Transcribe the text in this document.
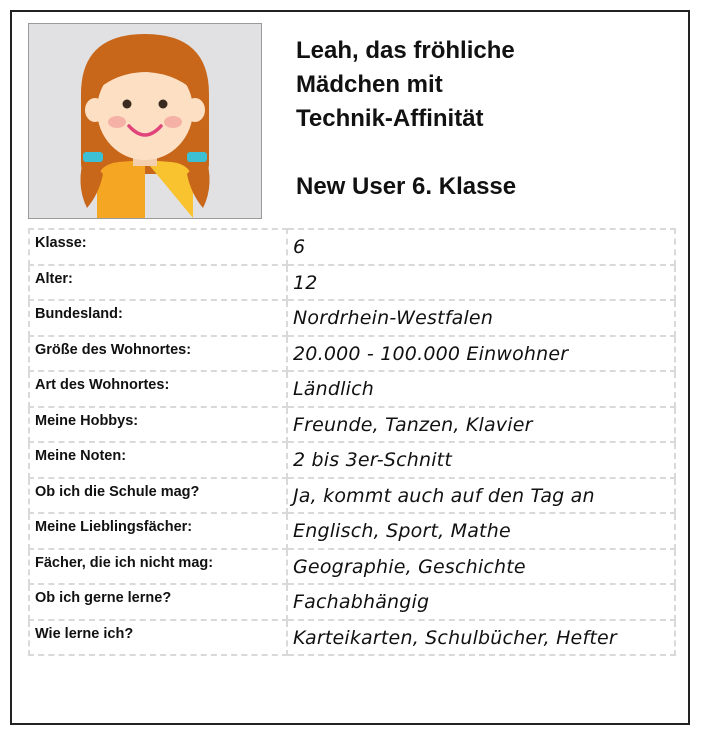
Leah, das fröhliche
Mädchen mit
Technik-Affinität
New User 6. Klasse
Klasse:	6
Alter:	12
Bundesland:	Nordrhein-Westfalen
Größe des Wohnortes:	20.000 - 100.000 Einwohner
Art des Wohnortes:	Ländlich
Meine Hobbys:	Freunde, Tanzen, Klavier
Meine Noten:	2 bis 3er-Schnitt
Ob ich die Schule mag?	Ja, kommt auch auf den Tag an
Meine Lieblingsfächer:	Englisch, Sport, Mathe
Fächer, die ich nicht mag:	Geographie, Geschichte
Ob ich gerne lerne?	Fachabhängig
Wie lerne ich?	Karteikarten, Schulbücher, Hefter
